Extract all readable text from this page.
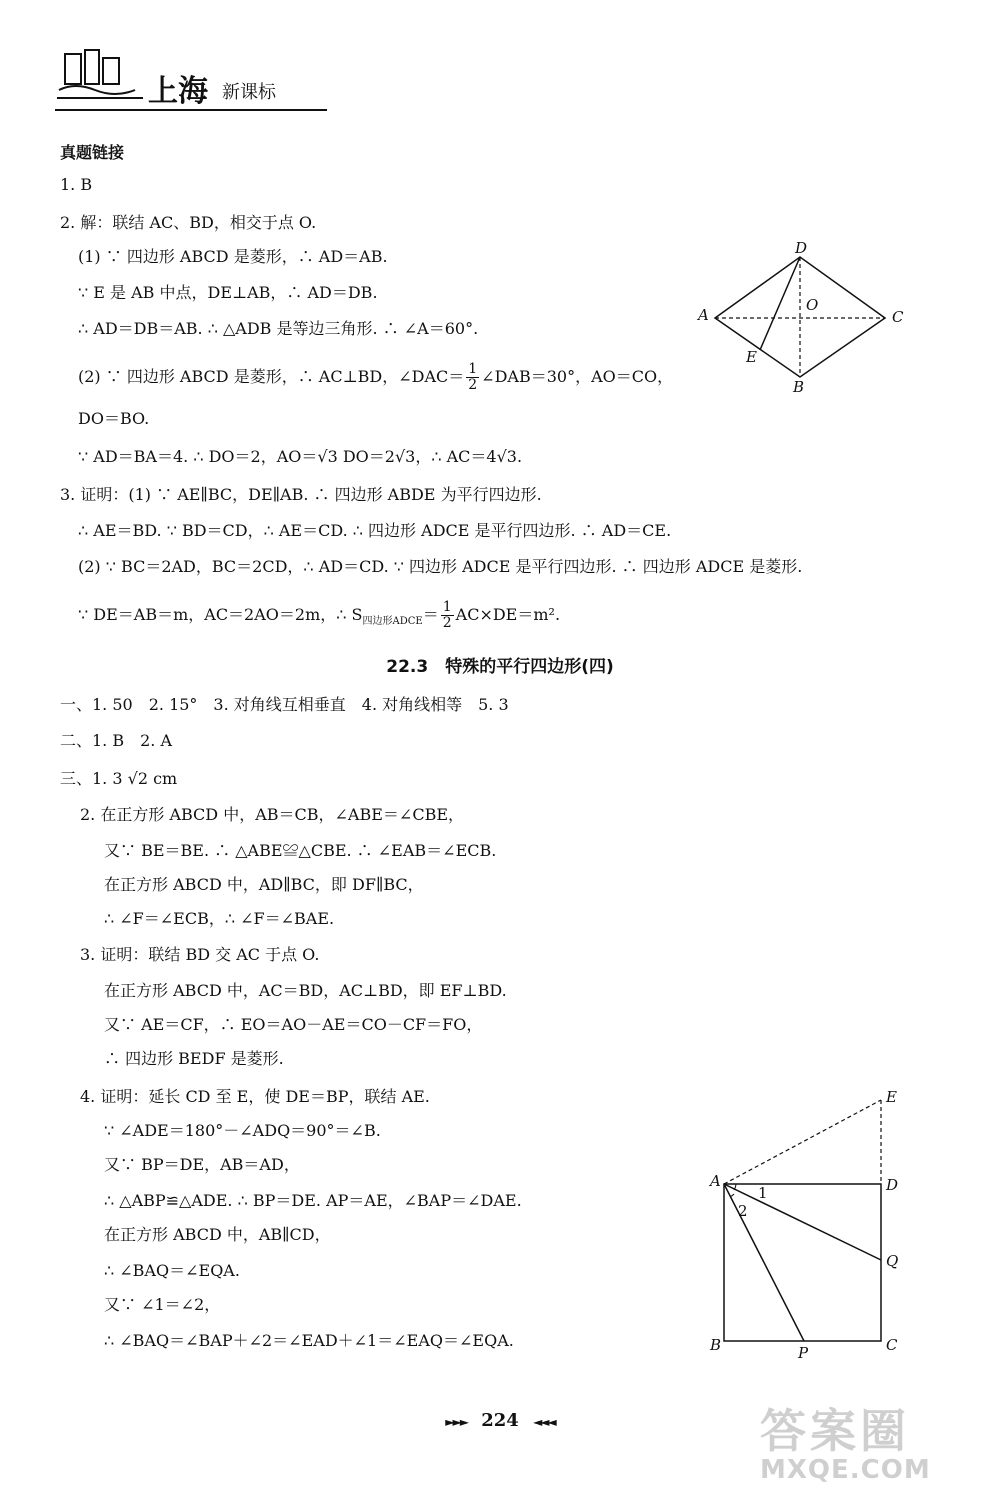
上海 新课标
真题链接
1. B
2. 解：联结 AC、BD，相交于点 O.
(1) ∵ 四边形 ABCD 是菱形，∴ AD＝AB.
∵ E 是 AB 中点，DE⊥AB，∴ AD＝DB.
∴ AD＝DB＝AB. ∴ △ADB 是等边三角形. ∴ ∠A＝60°.
(2) ∵ 四边形 ABCD 是菱形，∴ AC⊥BD，∠DAC＝ $\frac{1}{2}$ ∠DAB＝30°，AO＝CO，
DO＝BO.
∵ AD＝BA＝4. ∴ DO＝2，AO＝√3 DO＝2√3，∴ AC＝4√3.
3. 证明：(1) ∵ AE∥BC，DE∥AB. ∴ 四边形 ABDE 为平行四边形.
∴ AE＝BD. ∵ BD＝CD，∴ AE＝CD. ∴ 四边形 ADCE 是平行四边形. ∴ AD＝CE.
(2) ∵ BC＝2AD，BC＝2CD，∴ AD＝CD. ∵ 四边形 ADCE 是平行四边形. ∴ 四边形 ADCE 是菱形.
∵ DE＝AB＝m，AC＝2AO＝2m，∴ $S_{四边形ADCE}= \frac{1}{2} AC\times DE=m^2$.
D
A
O
C
E
B
22.3　特殊的平行四边形(四)
一、1. 50　2. 15°　3. 对角线互相垂直　4. 对角线相等　5. 3
二、1. B　2. A
三、1. 3 √2 cm
2. 在正方形 ABCD 中，AB＝CB，∠ABE＝∠CBE，
又∵ BE＝BE. ∴ △ABE≌△CBE. ∴ ∠EAB＝∠ECB.
在正方形 ABCD 中，AD∥BC，即 DF∥BC，
∴ ∠F＝∠ECB，∴ ∠F＝∠BAE.
3. 证明：联结 BD 交 AC 于点 O.
在正方形 ABCD 中，AC＝BD，AC⊥BD，即 EF⊥BD.
又∵ AE＝CF，∴ EO＝AO－AE＝CO－CF＝FO，
∴ 四边形 BEDF 是菱形.
4. 证明：延长 CD 至 E，使 DE＝BP，联结 AE.
∵ ∠ADE＝180°－∠ADQ＝90°＝∠B.
又∵ BP＝DE，AB＝AD，
∴ △ABP≌△ADE. ∴ BP＝DE. AP＝AE，∠BAP＝∠DAE.
在正方形 ABCD 中，AB∥CD，
∴ ∠BAQ＝∠EQA.
又∵ ∠1＝∠2，
∴ ∠BAQ＝∠BAP＋∠2＝∠EAD＋∠1＝∠EAQ＝∠EQA.
E
A
1	D
2
Q
B	P	C
►►► 224 ◄◄◄	答案圈
MXQE.COM
